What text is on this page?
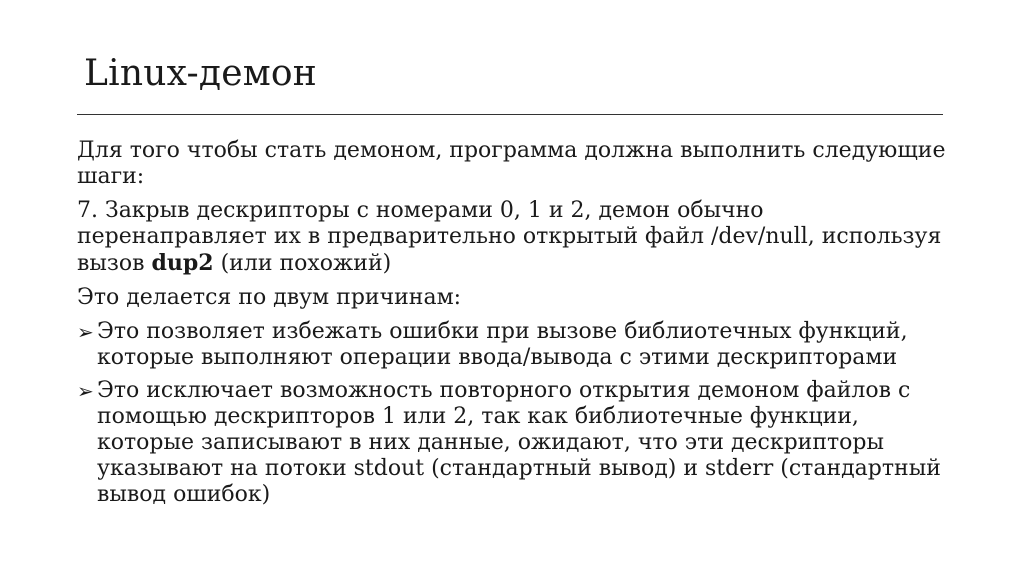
Linux-демон

Для того чтобы стать демоном, программа должна выполнить следующие шаги:

7. Закрыв дескрипторы с номерами 0, 1 и 2, демон обычно перенаправляет их в предварительно открытый файл /dev/null, используя вызов dup2 (или похожий)

Это делается по двум причинам:

➢ Это позволяет избежать ошибки при вызове библиотечных функций, которые выполняют операции ввода/вывода с этими дескрипторами
➢ Это исключает возможность повторного открытия демоном файлов с помощью дескрипторов 1 или 2, так как библиотечные функции, которые записывают в них данные, ожидают, что эти дескрипторы указывают на потоки stdout (стандартный вывод) и stderr (стандартный вывод ошибок)
